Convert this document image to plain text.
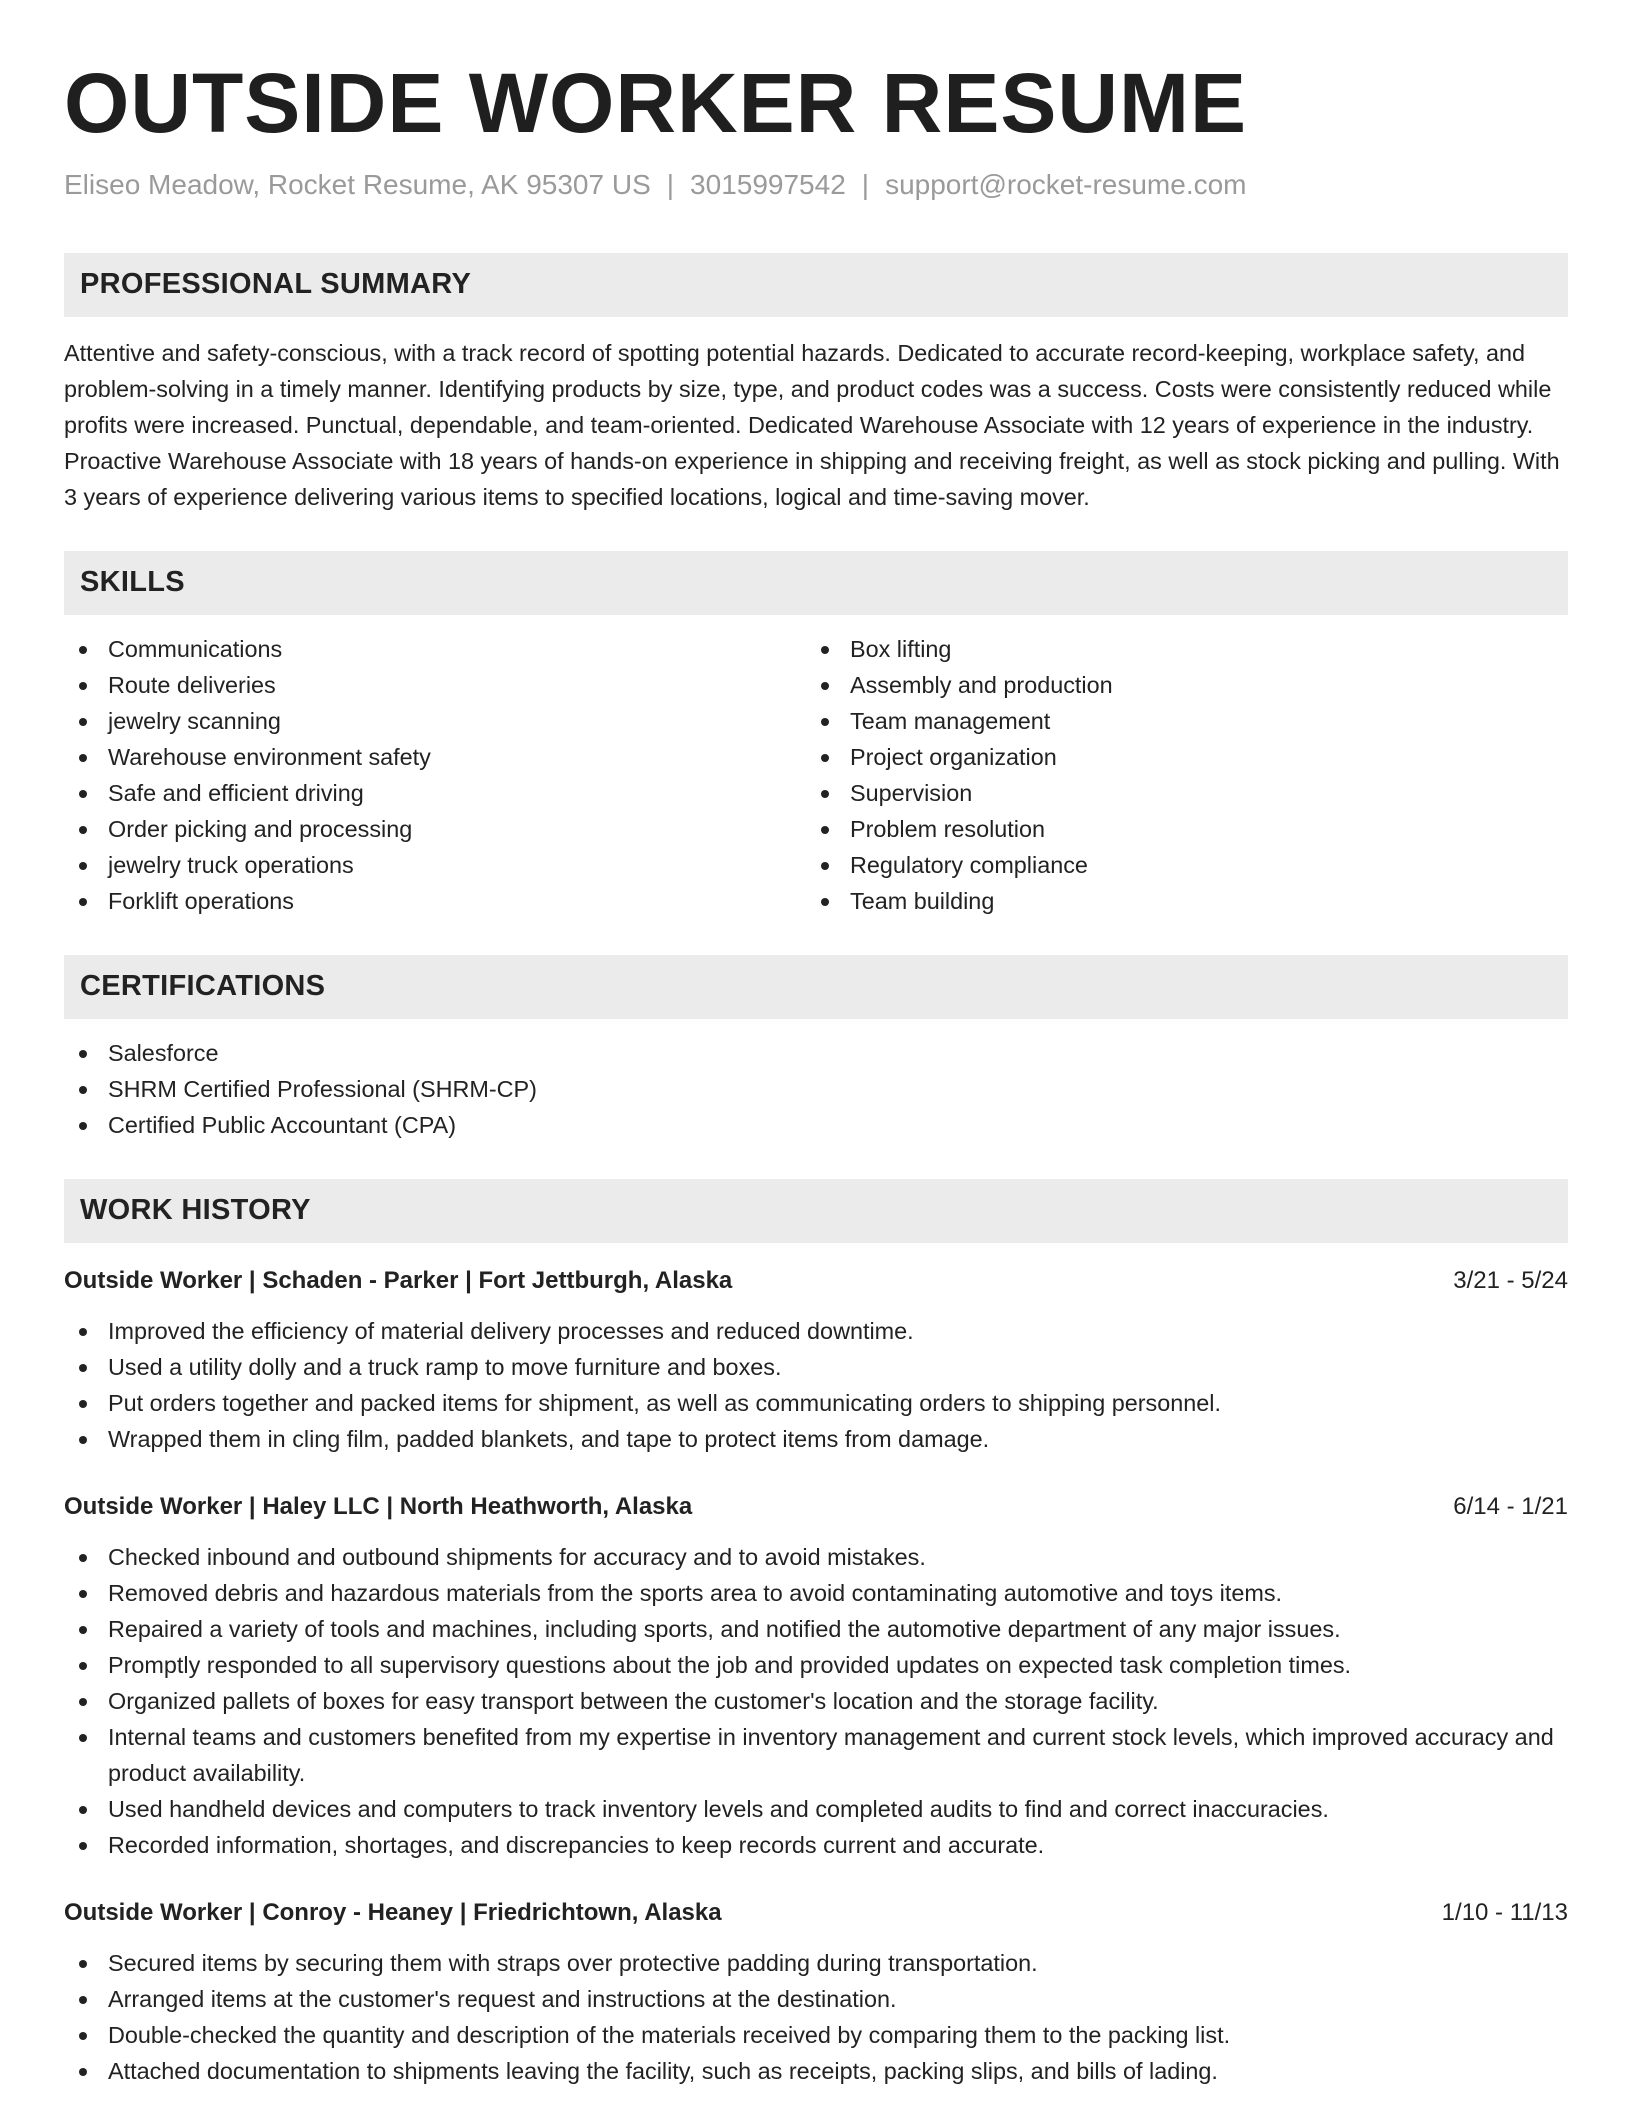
OUTSIDE WORKER RESUME
Eliseo Meadow, Rocket Resume, AK 95307 US | 3015997542 | support@rocket-resume.com
PROFESSIONAL SUMMARY

Attentive and safety-conscious, with a track record of spotting potential hazards. Dedicated to accurate record-keeping, workplace safety, and problem-solving in a timely manner. Identifying products by size, type, and product codes was a success. Costs were consistently reduced while profits were increased. Punctual, dependable, and team-oriented. Dedicated Warehouse Associate with 12 years of experience in the industry. Proactive Warehouse Associate with 18 years of hands-on experience in shipping and receiving freight, as well as stock picking and pulling. With 3 years of experience delivering various items to specified locations, logical and time-saving mover.

SKILLS
Communications
Route deliveries
jewelry scanning
Warehouse environment safety
Safe and efficient driving
Order picking and processing
jewelry truck operations
Forklift operations
Box lifting
Assembly and production
Team management
Project organization
Supervision
Problem resolution
Regulatory compliance
Team building
CERTIFICATIONS
Salesforce
SHRM Certified Professional (SHRM-CP)
Certified Public Accountant (CPA)
WORK HISTORY
Outside Worker | Schaden - Parker | Fort Jettburgh, Alaska	3/21 - 5/24
Improved the efficiency of material delivery processes and reduced downtime.
Used a utility dolly and a truck ramp to move furniture and boxes.
Put orders together and packed items for shipment, as well as communicating orders to shipping personnel.
Wrapped them in cling film, padded blankets, and tape to protect items from damage.
Outside Worker | Haley LLC | North Heathworth, Alaska	6/14 - 1/21
Checked inbound and outbound shipments for accuracy and to avoid mistakes.
Removed debris and hazardous materials from the sports area to avoid contaminating automotive and toys items.
Repaired a variety of tools and machines, including sports, and notified the automotive department of any major issues.
Promptly responded to all supervisory questions about the job and provided updates on expected task completion times.
Organized pallets of boxes for easy transport between the customer's location and the storage facility.
Internal teams and customers benefited from my expertise in inventory management and current stock levels, which improved accuracy and product availability.
Used handheld devices and computers to track inventory levels and completed audits to find and correct inaccuracies.
Recorded information, shortages, and discrepancies to keep records current and accurate.
Outside Worker | Conroy - Heaney | Friedrichtown, Alaska	1/10 - 11/13
Secured items by securing them with straps over protective padding during transportation.
Arranged items at the customer's request and instructions at the destination.
Double-checked the quantity and description of the materials received by comparing them to the packing list.
Attached documentation to shipments leaving the facility, such as receipts, packing slips, and bills of lading.
